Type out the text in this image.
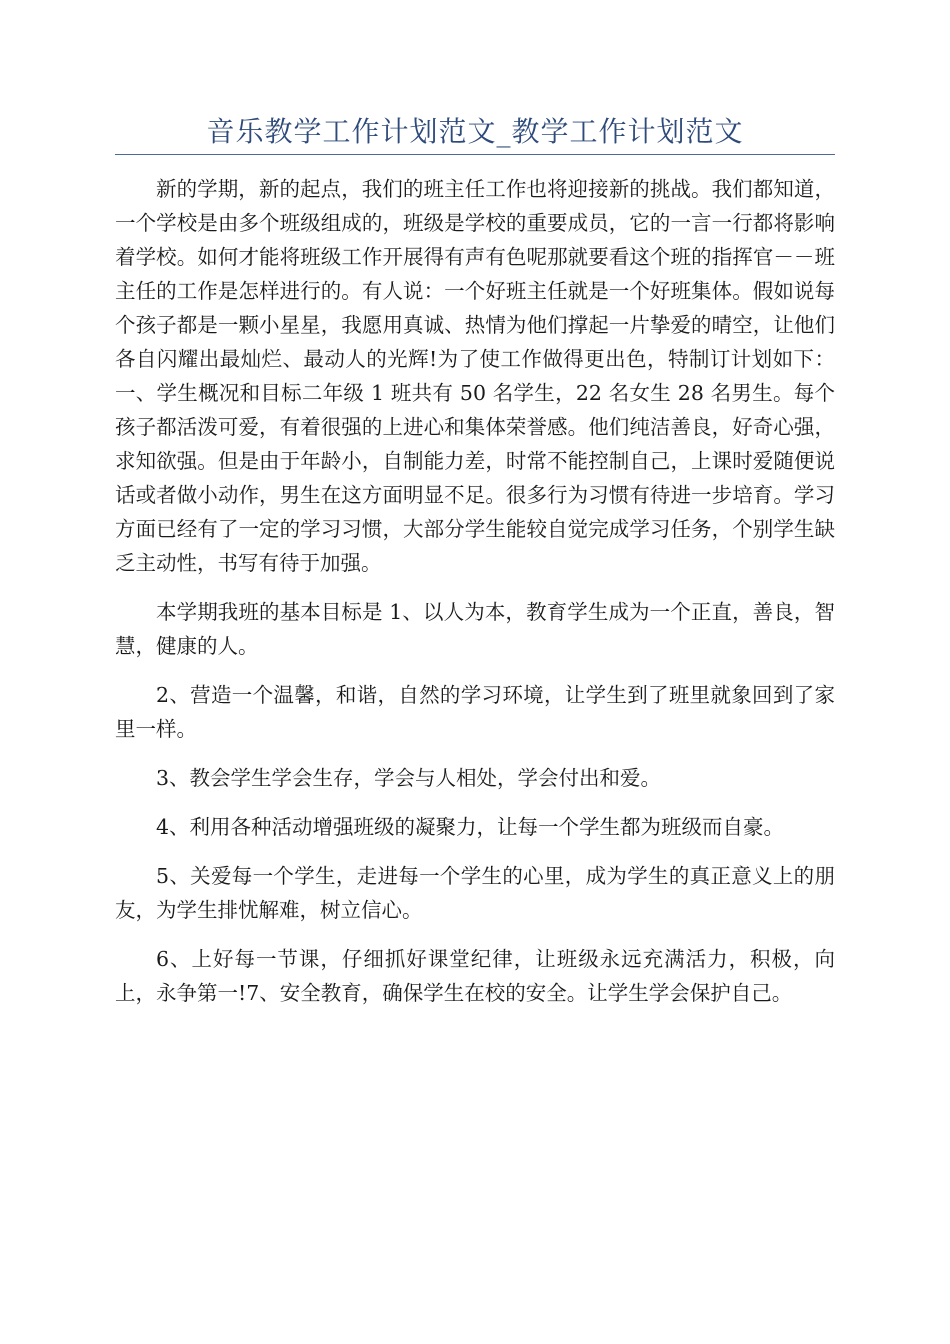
音乐教学工作计划范文_教学工作计划范文

新的学期，新的起点，我们的班主任工作也将迎接新的挑战。我们都知道，一个学校是由多个班级组成的，班级是学校的重要成员，它的一言一行都将影响着学校。如何才能将班级工作开展得有声有色呢那就要看这个班的指挥官－－班主任的工作是怎样进行的。有人说：一个好班主任就是一个好班集体。假如说每个孩子都是一颗小星星，我愿用真诚、热情为他们撑起一片挚爱的晴空，让他们各自闪耀出最灿烂、最动人的光辉!为了使工作做得更出色，特制订计划如下：一、学生概况和目标二年级 1 班共有 50 名学生，22 名女生 28 名男生。每个孩子都活泼可爱，有着很强的上进心和集体荣誉感。他们纯洁善良，好奇心强，求知欲强。但是由于年龄小，自制能力差，时常不能控制自己，上课时爱随便说话或者做小动作，男生在这方面明显不足。很多行为习惯有待进一步培育。学习方面已经有了一定的学习习惯，大部分学生能较自觉完成学习任务，个别学生缺乏主动性，书写有待于加强。

本学期我班的基本目标是 1、以人为本，教育学生成为一个正直，善良，智慧，健康的人。

2、营造一个温馨，和谐，自然的学习环境，让学生到了班里就象回到了家里一样。

3、教会学生学会生存，学会与人相处，学会付出和爱。

4、利用各种活动增强班级的凝聚力，让每一个学生都为班级而自豪。

5、关爱每一个学生，走进每一个学生的心里，成为学生的真正意义上的朋友，为学生排忧解难，树立信心。

6、上好每一节课，仔细抓好课堂纪律，让班级永远充满活力，积极，向上，永争第一!7、安全教育，确保学生在校的安全。让学生学会保护自己。
